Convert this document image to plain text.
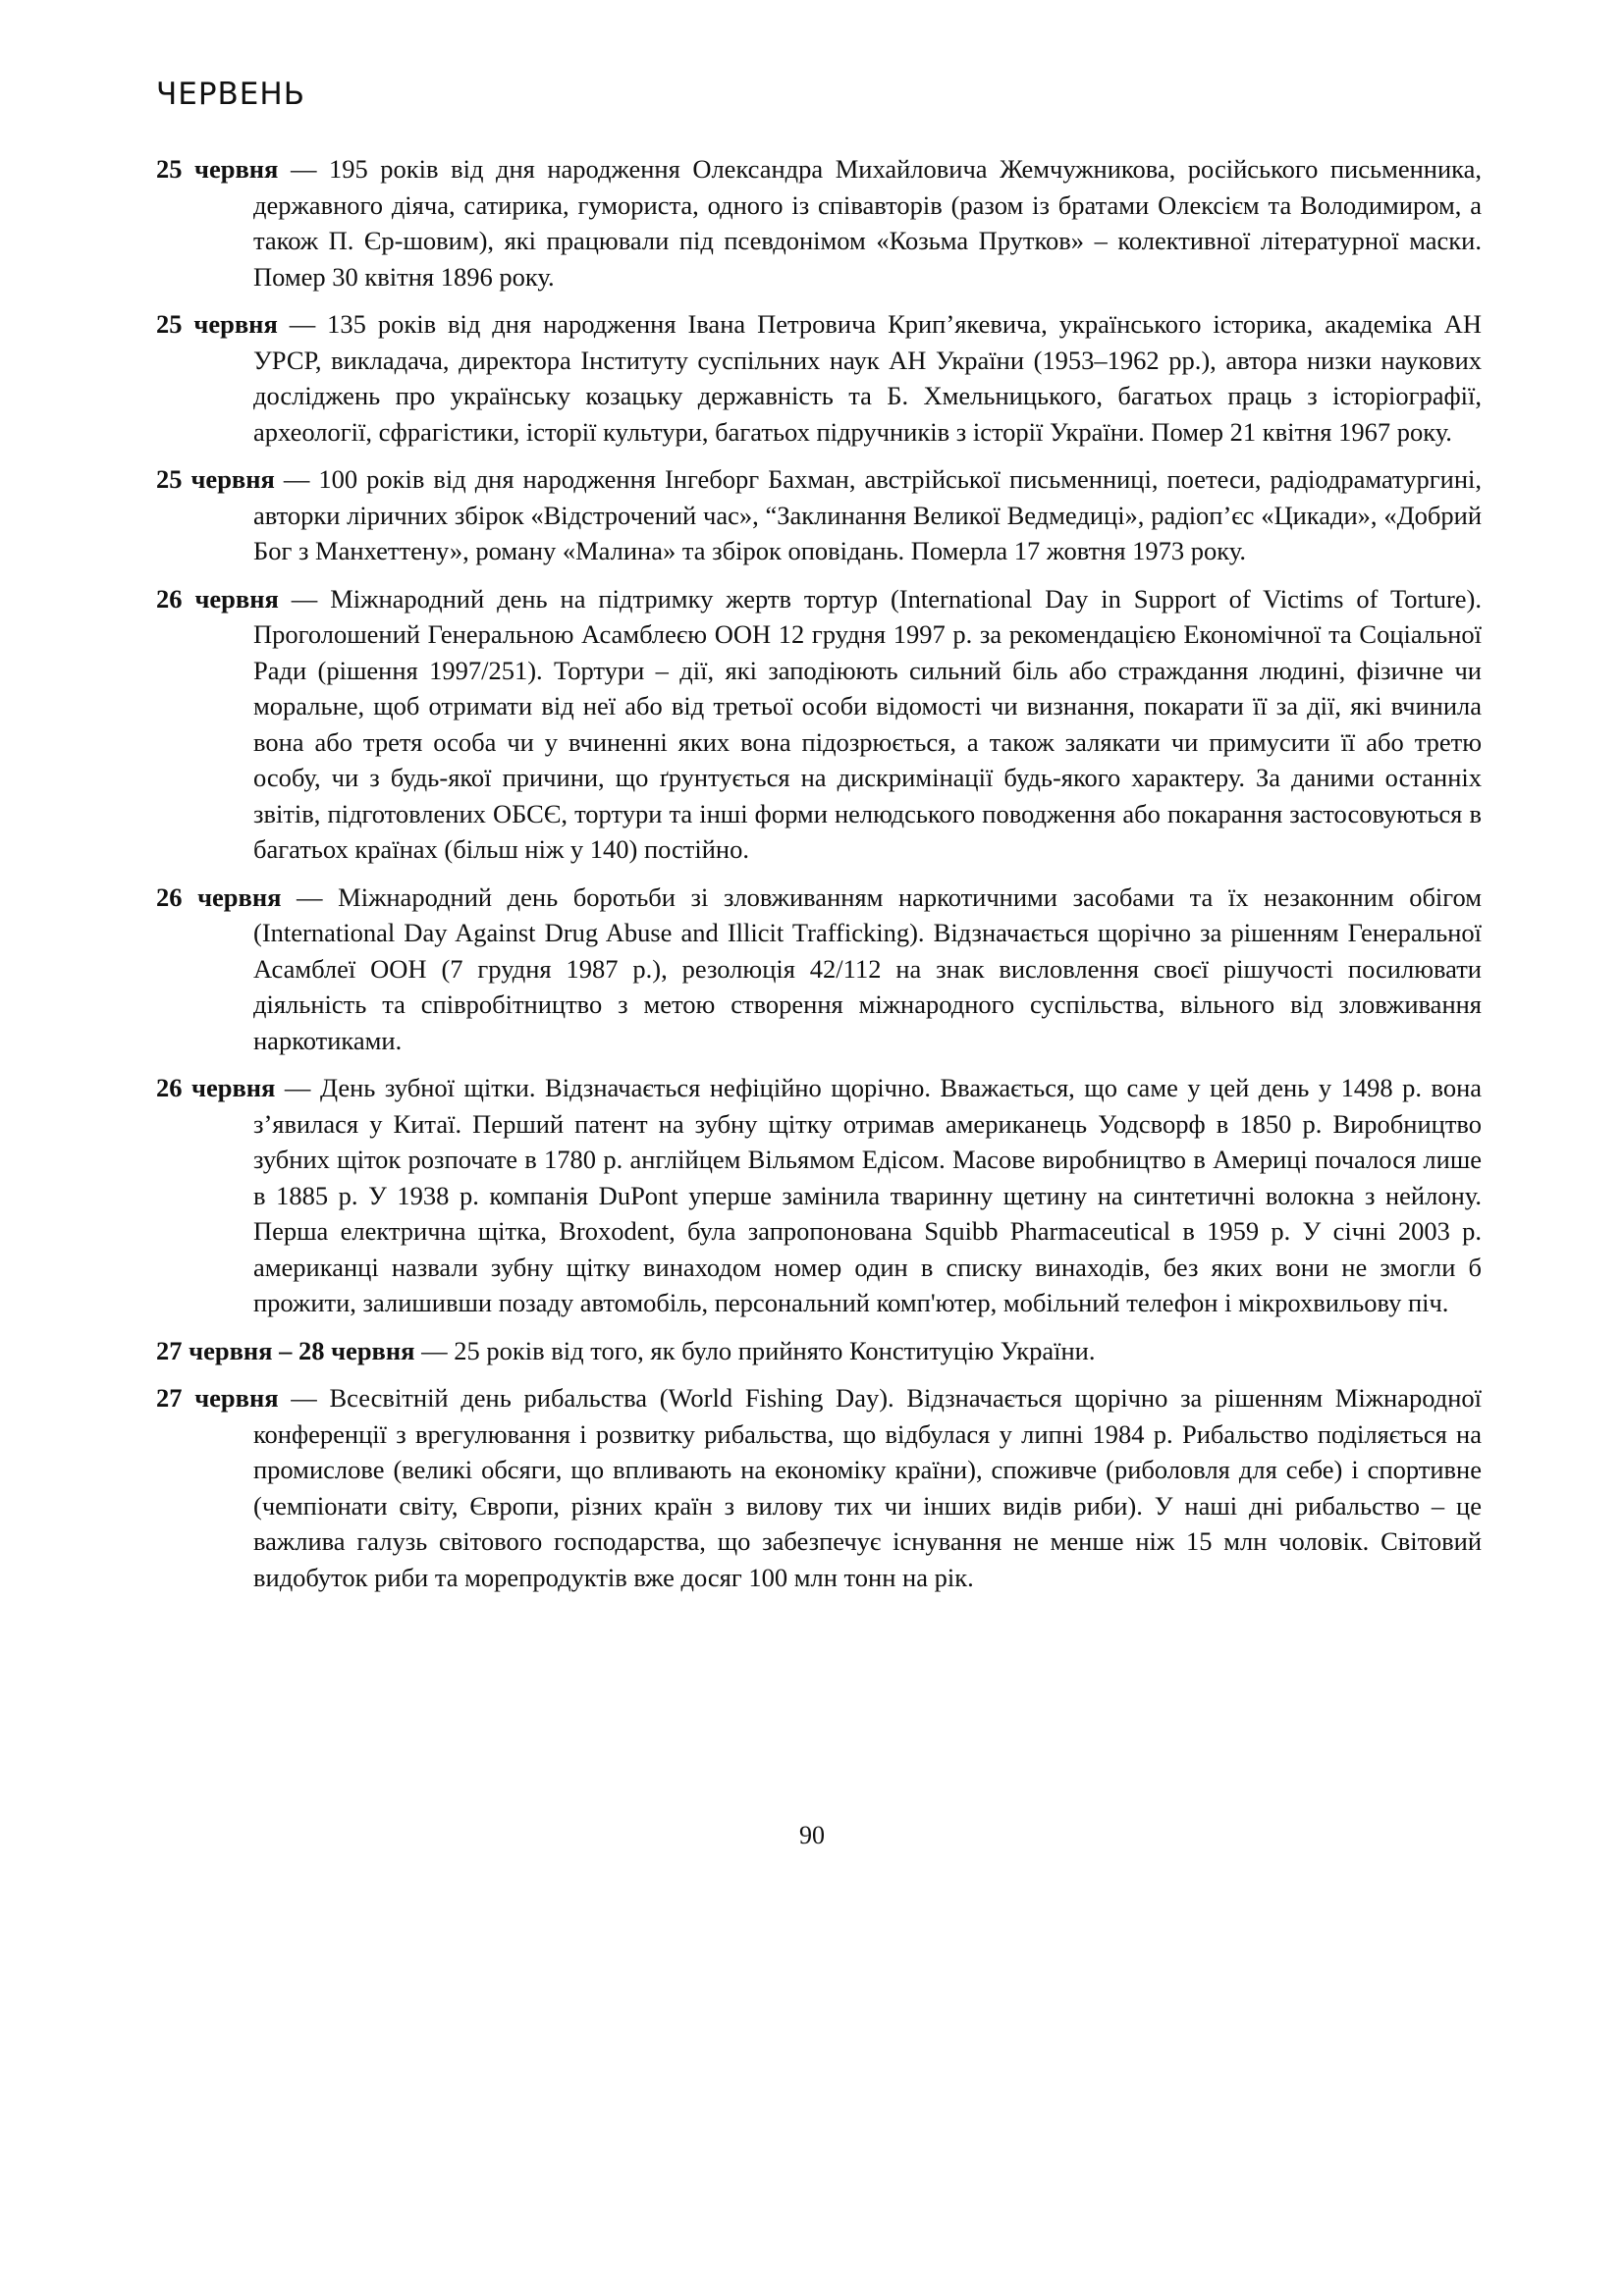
ЧЕРВЕНЬ

25 червня — 195 років від дня народження Олександра Михайловича Жемчужникова, російського письменника, державного діяча, сатирика, гумориста, одного із співавторів (разом із братами Олексієм та Володимиром, а також П. Єр-шовим), які працювали під псевдонімом «Козьма Прутков» – колективної літературної маски. Помер 30 квітня 1896 року.

25 червня — 135 років від дня народження Івана Петровича Крип’якевича, українського історика, академіка АН УРСР, викладача, директора Інституту суспільних наук АН України (1953–1962 рр.), автора низки наукових досліджень про українську козацьку державність та Б. Хмельницького, багатьох праць з історіографії, археології, сфрагістики, історії культури, багатьох підручників з історії України. Помер 21 квітня 1967 року.

25 червня — 100 років від дня народження Інгеборг Бахман, австрійської письменниці, поетеси, радіодраматургині, авторки ліричних збірок «Відстрочений час», “Заклинання Великої Ведмедиці», радіоп’єс «Цикади», «Добрий Бог з Манхеттену», роману «Малина» та збірок оповідань. Померла 17 жовтня 1973 року.

26 червня — Міжнародний день на підтримку жертв тортур (International Day in Support of Victims of Torture). Проголошений Генеральною Асамблеєю ООН 12 грудня 1997 р. за рекомендацією Економічної та Соціальної Ради (рішення 1997/251). Тортури – дії, які заподіюють сильний біль або страждання людині, фізичне чи моральне, щоб отримати від неї або від третьої особи відомості чи визнання, покарати її за дії, які вчинила вона або третя особа чи у вчиненні яких вона підозрюється, а також залякати чи примусити її або третю особу, чи з будь-якої причини, що ґрунтується на дискримінації будь-якого характеру. За даними останніх звітів, підготовлених ОБСЄ, тортури та інші форми нелюдського поводження або покарання застосовуються в багатьох країнах (більш ніж у 140) постійно.

26 червня — Міжнародний день боротьби зі зловживанням наркотичними засобами та їх незаконним обігом (International Day Against Drug Abuse and Illicit Trafficking). Відзначається щорічно за рішенням Генеральної Асамблеї ООН (7 грудня 1987 р.), резолюція 42/112 на знак висловлення своєї рішучості посилювати діяльність та співробітництво з метою створення міжнародного суспільства, вільного від зловживання наркотиками.

26 червня — День зубної щітки. Відзначається нефіційно щорічно. Вважається, що саме у цей день у 1498 р. вона з’явилася у Китаї. Перший патент на зубну щітку отримав американець Уодсворф в 1850 р. Виробництво зубних щіток розпочате в 1780 р. англійцем Вільямом Едісом. Масове виробництво в Америці почалося лише в 1885 р. У 1938 р. компанія DuPont уперше замінила тваринну щетину на синтетичні волокна з нейлону. Перша електрична щітка, Broxodent, була запропонована Squibb Pharmaceutical в 1959 р. У січні 2003 р. американці назвали зубну щітку винаходом номер один в списку винаходів, без яких вони не змогли б прожити, залишивши позаду автомобіль, персональний комп'ютер, мобільний телефон і мікрохвильову піч.

27 червня – 28 червня — 25 років від того, як було прийнято Конституцію України.

27 червня — Всесвітній день рибальства (World Fishing Day). Відзначається щорічно за рішенням Міжнародної конференції з врегулювання і розвитку рибальства, що відбулася у липні 1984 р. Рибальство поділяється на промислове (великі обсяги, що впливають на економіку країни), споживче (риболовля для себе) і спортивне (чемпіонати світу, Європи, різних країн з вилову тих чи інших видів риби). У наші дні рибальство – це важлива галузь світового господарства, що забезпечує існування не менше ніж 15 млн чоловік. Світовий видобуток риби та морепродуктів вже досяг 100 млн тонн на рік.

90
